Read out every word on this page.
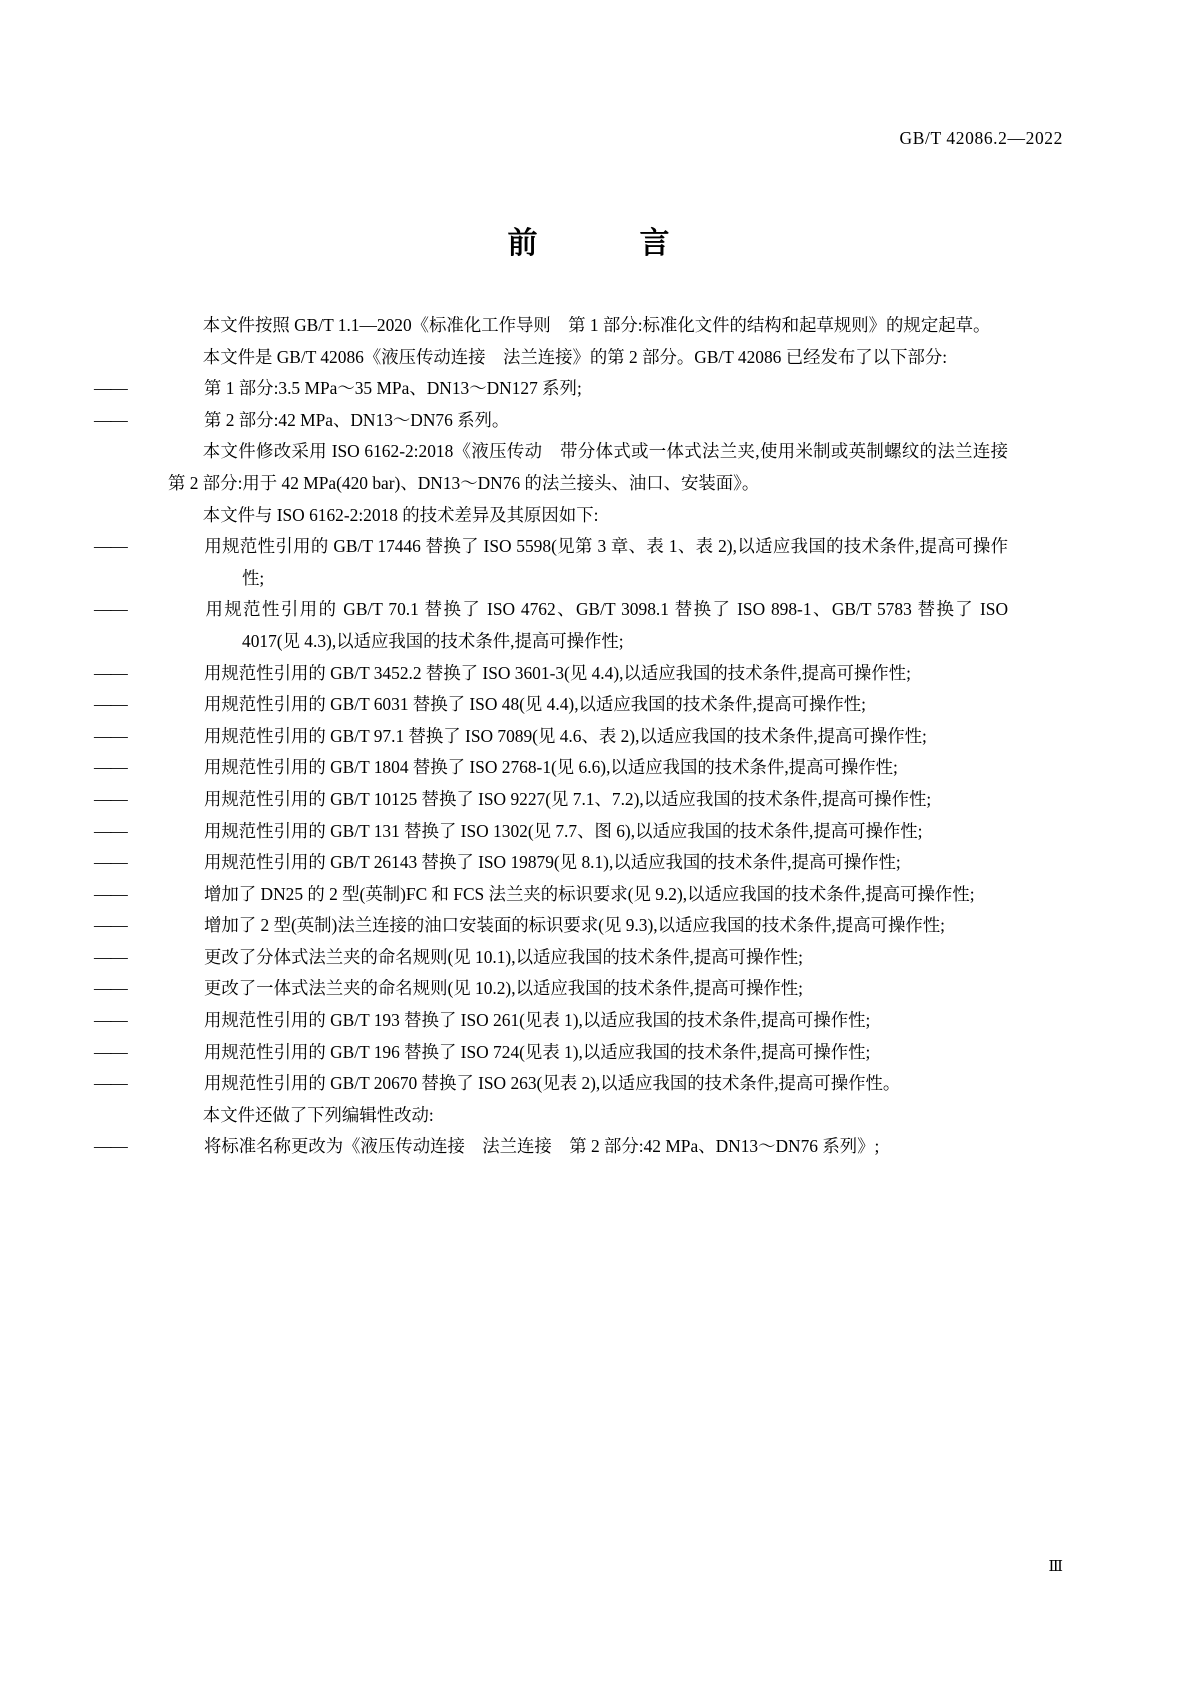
GB/T 42086.2—2022
前　　言

本文件按照 GB/T 1.1—2020《标准化工作导则　第 1 部分:标准化文件的结构和起草规则》的规定起草。

本文件是 GB/T 42086《液压传动连接　法兰连接》的第 2 部分。GB/T 42086 已经发布了以下部分:

——	第 1 部分:3.5 MPa～35 MPa、DN13～DN127 系列;

——	第 2 部分:42 MPa、DN13～DN76 系列。

本文件修改采用 ISO 6162-2:2018《液压传动　带分体式或一体式法兰夹,使用米制或英制螺纹的法兰连接　第 2 部分:用于 42 MPa(420 bar)、DN13～DN76 的法兰接头、油口、安装面》。

本文件与 ISO 6162-2:2018 的技术差异及其原因如下:

——	用规范性引用的 GB/T 17446 替换了 ISO 5598(见第 3 章、表 1、表 2),以适应我国的技术条件,提高可操作性;

——	用规范性引用的 GB/T 70.1 替换了 ISO 4762、GB/T 3098.1 替换了 ISO 898-1、GB/T 5783 替换了 ISO 4017(见 4.3),以适应我国的技术条件,提高可操作性;

——	用规范性引用的 GB/T 3452.2 替换了 ISO 3601-3(见 4.4),以适应我国的技术条件,提高可操作性;

——	用规范性引用的 GB/T 6031 替换了 ISO 48(见 4.4),以适应我国的技术条件,提高可操作性;

——	用规范性引用的 GB/T 97.1 替换了 ISO 7089(见 4.6、表 2),以适应我国的技术条件,提高可操作性;

——	用规范性引用的 GB/T 1804 替换了 ISO 2768-1(见 6.6),以适应我国的技术条件,提高可操作性;

——	用规范性引用的 GB/T 10125 替换了 ISO 9227(见 7.1、7.2),以适应我国的技术条件,提高可操作性;

——	用规范性引用的 GB/T 131 替换了 ISO 1302(见 7.7、图 6),以适应我国的技术条件,提高可操作性;

——	用规范性引用的 GB/T 26143 替换了 ISO 19879(见 8.1),以适应我国的技术条件,提高可操作性;

——	增加了 DN25 的 2 型(英制)FC 和 FCS 法兰夹的标识要求(见 9.2),以适应我国的技术条件,提高可操作性;

——	增加了 2 型(英制)法兰连接的油口安装面的标识要求(见 9.3),以适应我国的技术条件,提高可操作性;

——	更改了分体式法兰夹的命名规则(见 10.1),以适应我国的技术条件,提高可操作性;

——	更改了一体式法兰夹的命名规则(见 10.2),以适应我国的技术条件,提高可操作性;

——	用规范性引用的 GB/T 193 替换了 ISO 261(见表 1),以适应我国的技术条件,提高可操作性;

——	用规范性引用的 GB/T 196 替换了 ISO 724(见表 1),以适应我国的技术条件,提高可操作性;

——	用规范性引用的 GB/T 20670 替换了 ISO 263(见表 2),以适应我国的技术条件,提高可操作性。

本文件还做了下列编辑性改动:

——	将标准名称更改为《液压传动连接　法兰连接　第 2 部分:42 MPa、DN13～DN76 系列》;

Ⅲ
